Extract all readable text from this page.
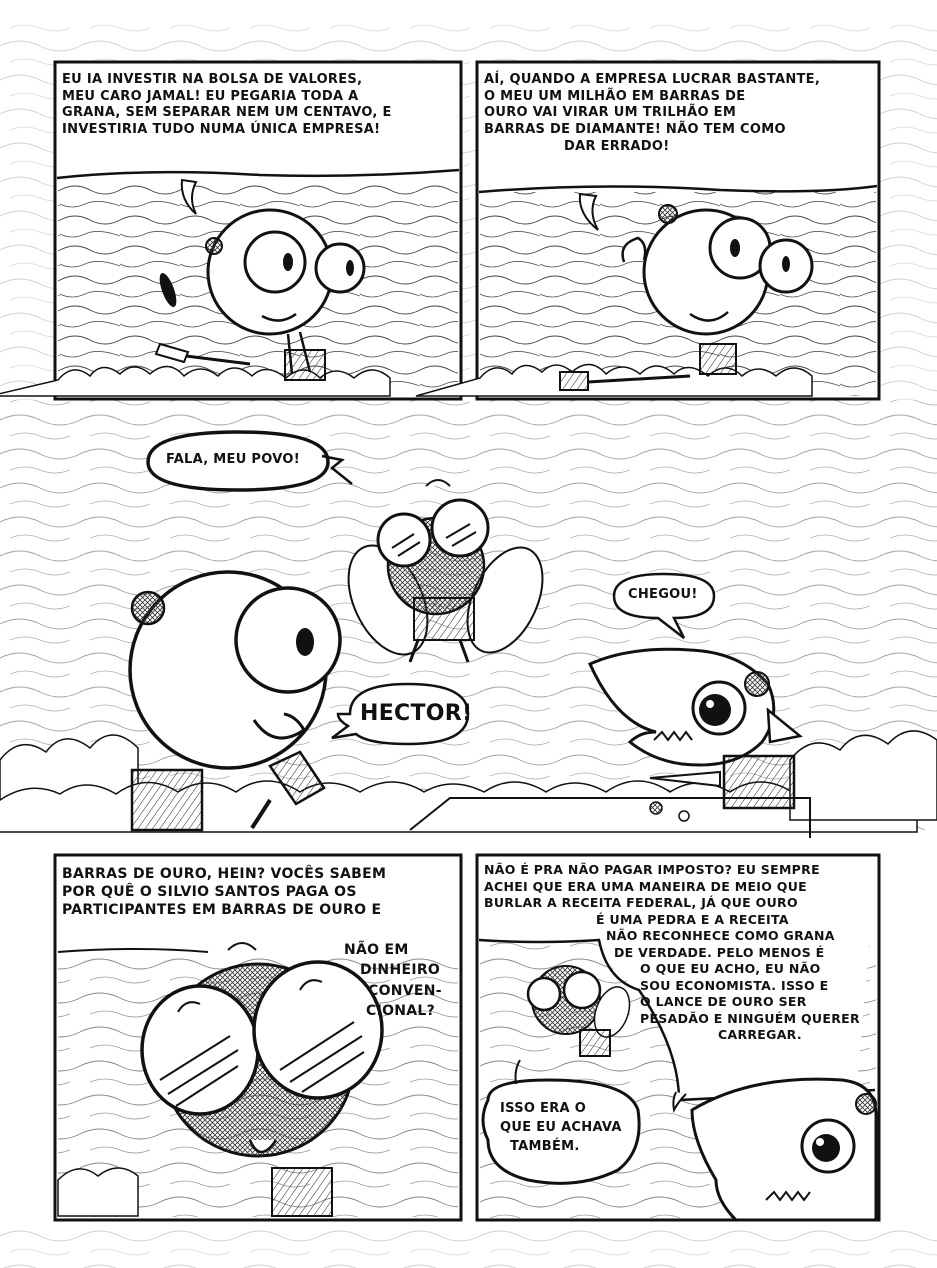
EU IA INVESTIR NA BOLSA DE VALORES,
MEU CARO JAMAL! EU PEGARIA TODA A
GRANA, SEM SEPARAR NEM UM CENTAVO, E
INVESTIRIA TUDO NUMA ÚNICA EMPRESA!
AÍ, QUANDO A EMPRESA LUCRAR BASTANTE,
O MEU UM MILHÃO EM BARRAS DE
OURO VAI VIRAR UM TRILHÃO EM
BARRAS DE DIAMANTE! NÃO TEM COMO
DAR ERRADO!
FALA, MEU POVO!
CHEGOU!
HECTOR!
BARRAS DE OURO, HEIN? VOCÊS SABEM
POR QUÊ O SILVIO SANTOS PAGA OS
PARTICIPANTES EM BARRAS DE OURO E
NÃO EM
DINHEIRO
CONVEN-
CIONAL?
NÃO É PRA NÃO PAGAR IMPOSTO? EU SEMPRE
ACHEI QUE ERA UMA MANEIRA DE MEIO QUE
BURLAR A RECEITA FEDERAL, JÁ QUE OURO
É UMA PEDRA E A RECEITA
NÃO RECONHECE COMO GRANA
DE VERDADE. PELO MENOS É
O QUE EU ACHO, EU NÃO
SOU ECONOMISTA. ISSO E
O LANCE DE OURO SER
PESADÃO E NINGUÉM QUERER
CARREGAR.
ISSO ERA O
QUE EU ACHAVA
TAMBÉM.
